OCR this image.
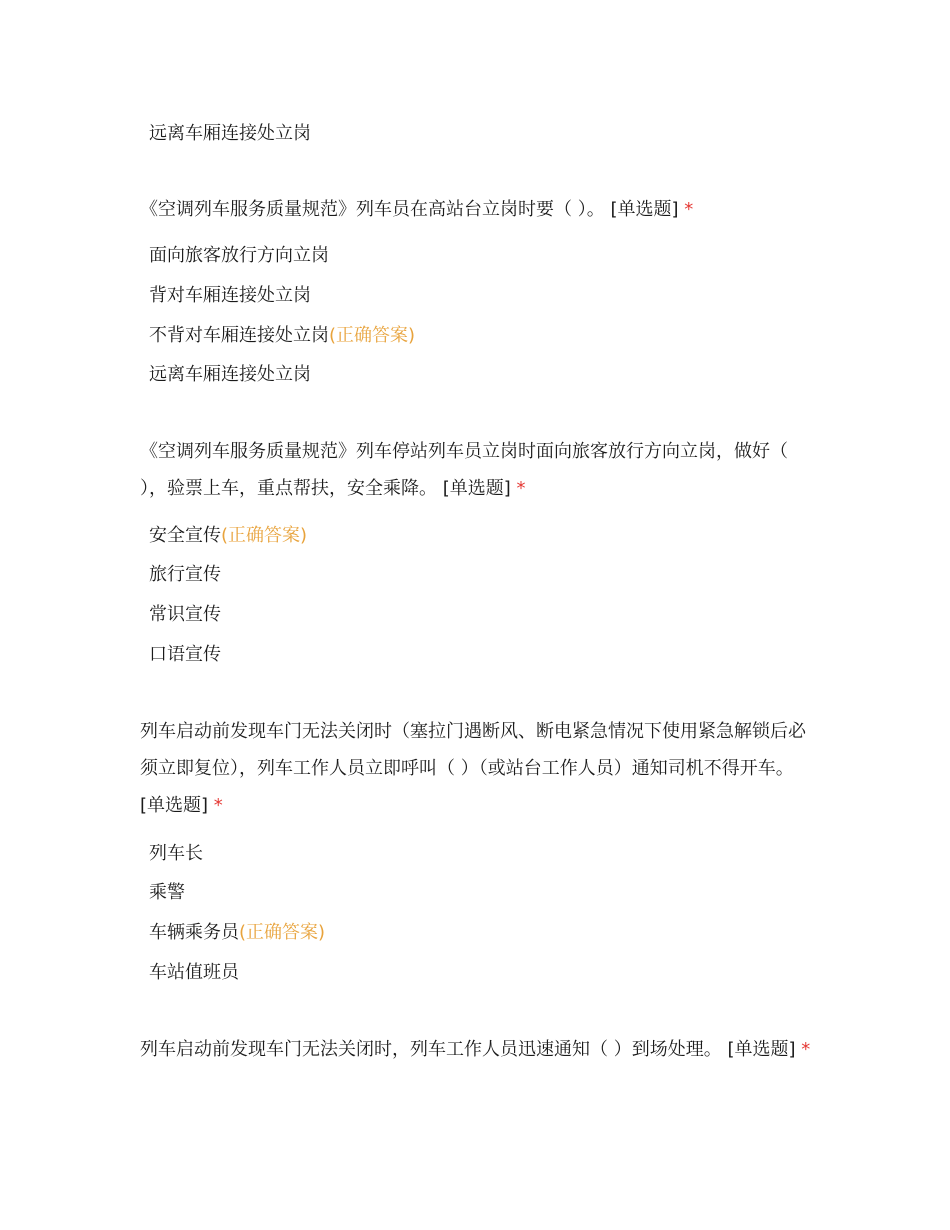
远离车厢连接处立岗
《空调列车服务质量规范》列车员在高站台立岗时要（ ）。 [单选题] *
面向旅客放行方向立岗
背对车厢连接处立岗
不背对车厢连接处立岗(正确答案)
远离车厢连接处立岗
《空调列车服务质量规范》列车停站列车员立岗时面向旅客放行方向立岗，做好（ ），验票上车，重点帮扶，安全乘降。 [单选题] *
安全宣传(正确答案)
旅行宣传
常识宣传
口语宣传
列车启动前发现车门无法关闭时（塞拉门遇断风、断电紧急情况下使用紧急解锁后必须立即复位），列车工作人员立即呼叫（ ）（或站台工作人员）通知司机不得开车。 [单选题] *
列车长
乘警
车辆乘务员(正确答案)
车站值班员
列车启动前发现车门无法关闭时，列车工作人员迅速通知（ ）到场处理。 [单选题] *
